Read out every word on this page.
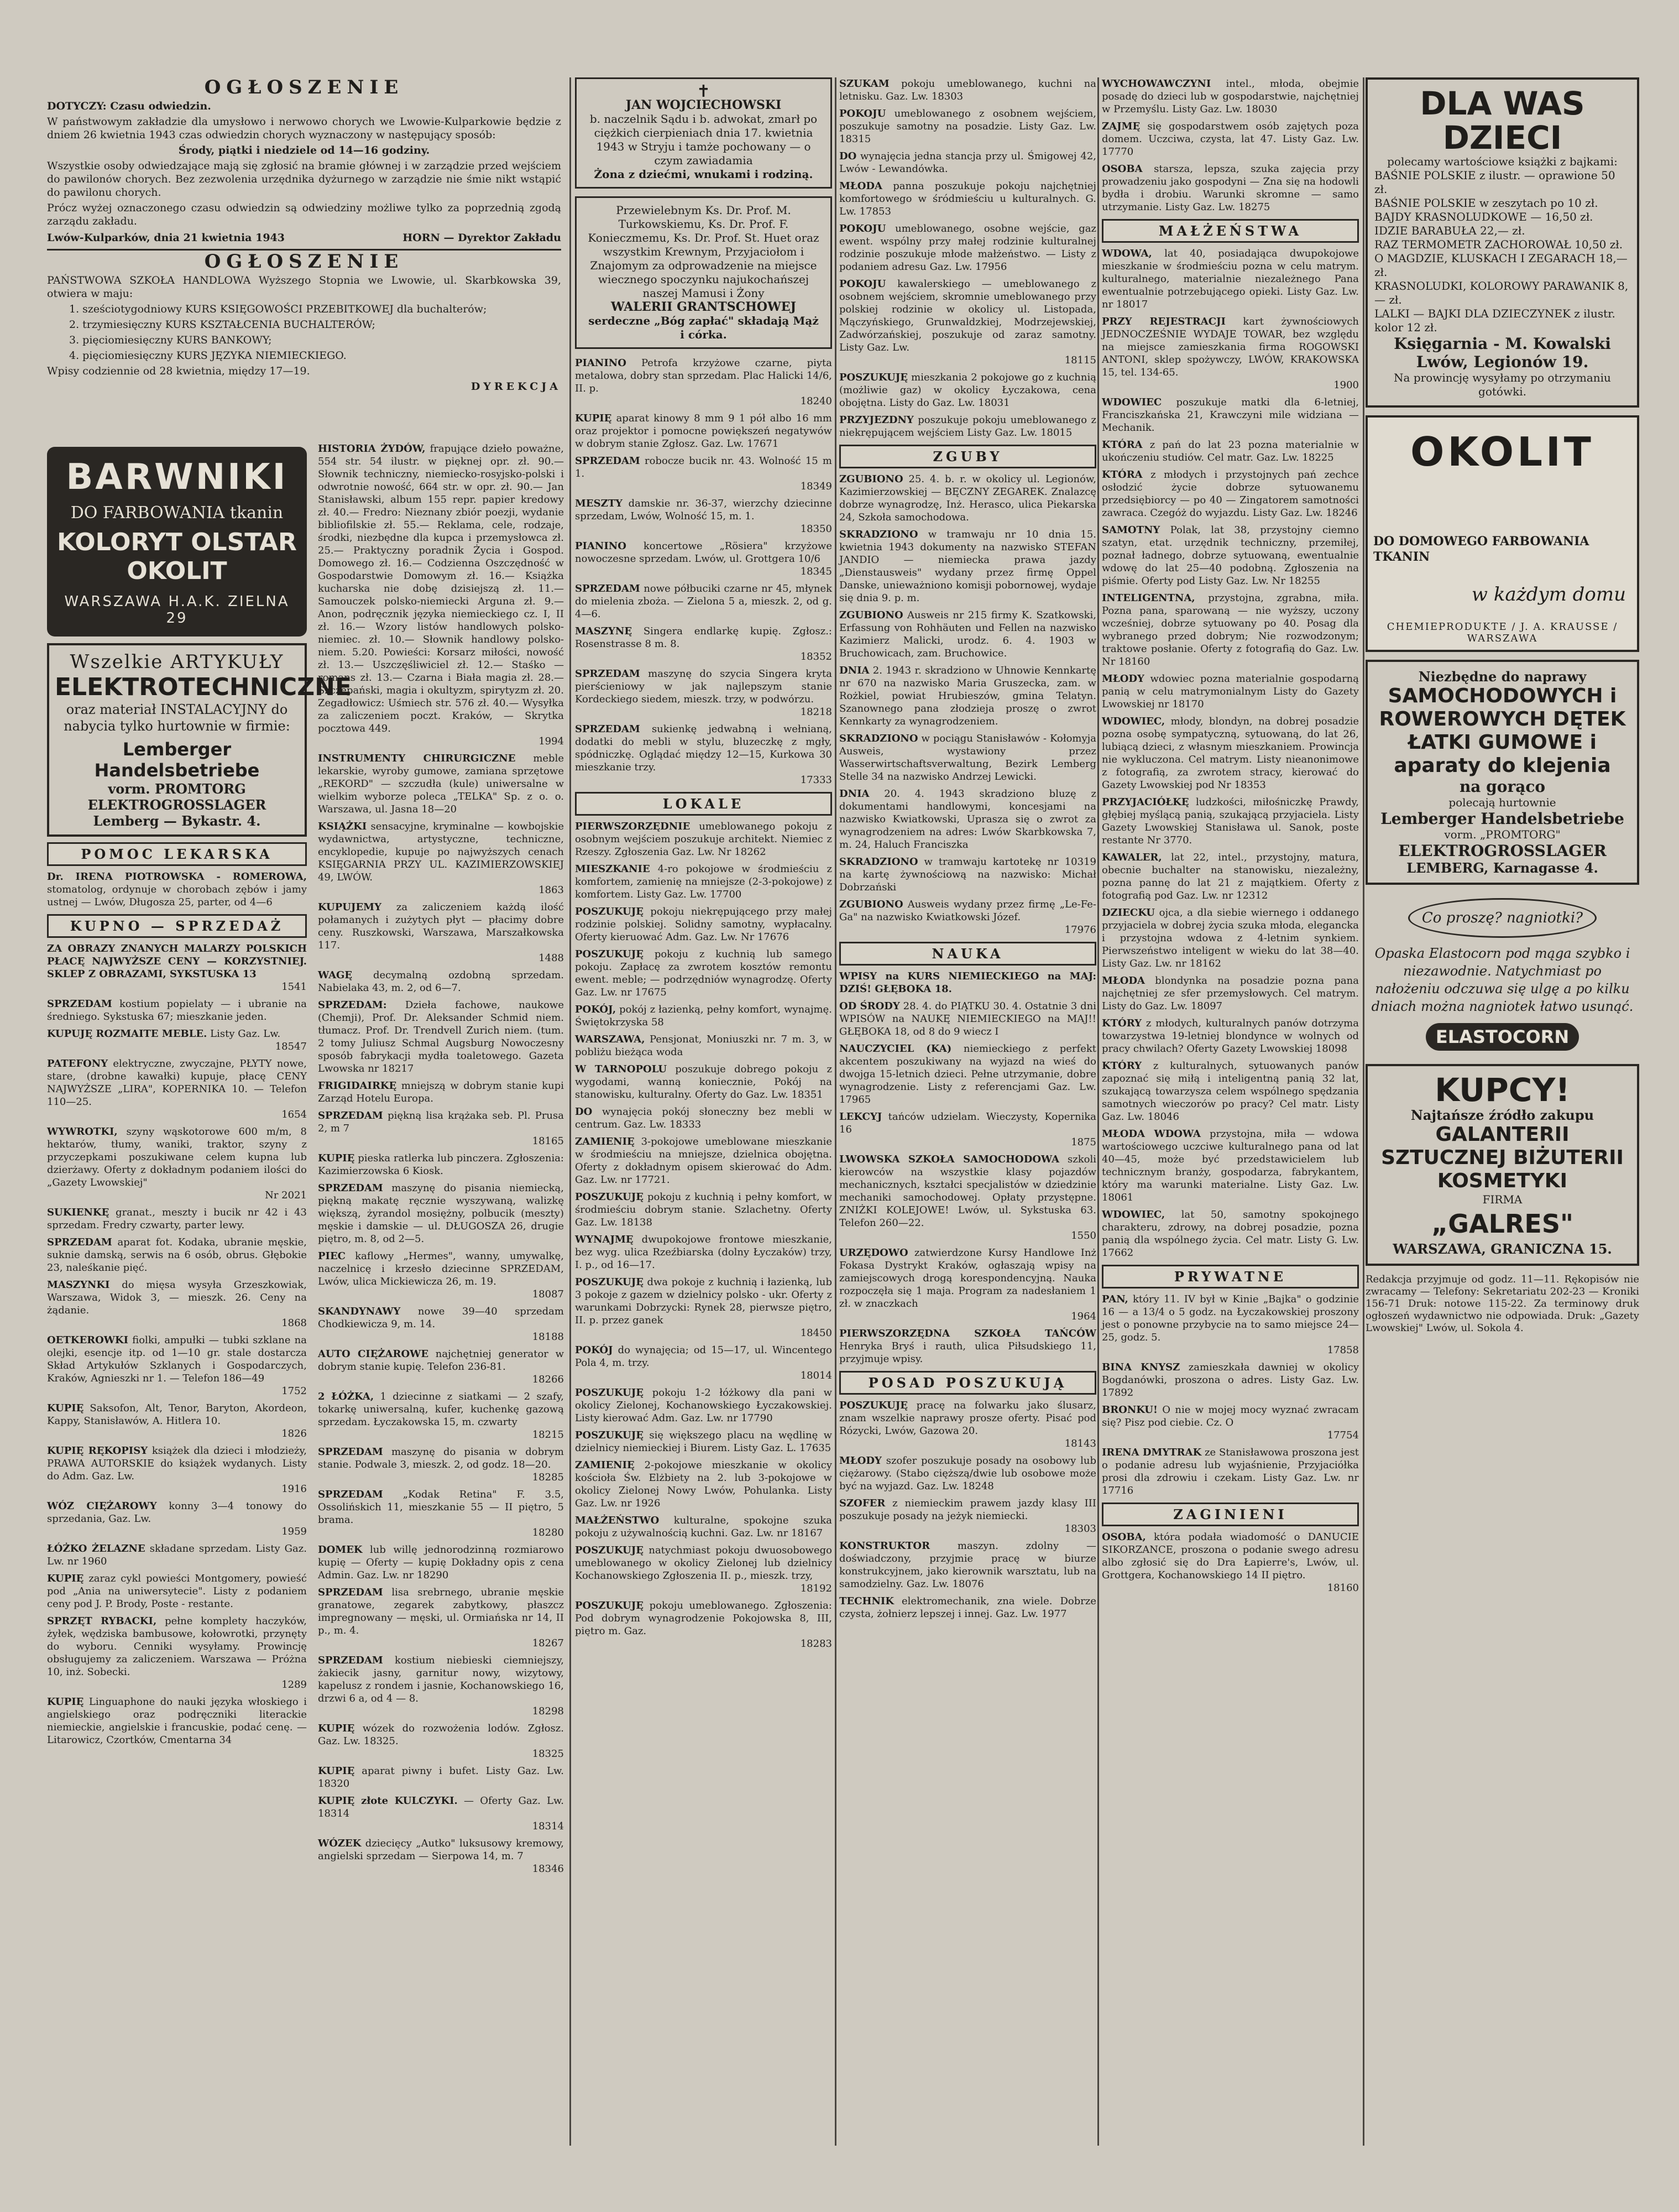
OGŁOSZENIE

DOTYCZY: Czasu odwiedzin.

W państwowym zakładzie dla umysłowo i nerwowo chorych we Lwowie-Kulparkowie będzie z dniem 26 kwietnia 1943 czas odwiedzin chorych wyznaczony w następujący sposób:

Środy, piątki i niedziele od 14—16 godziny.

Wszystkie osoby odwiedzające mają się zgłosić na bramie głównej i w zarządzie przed wejściem do pawilonów chorych. Bez zezwolenia urzędnika dyżurnego w zarządzie nie śmie nikt wstąpić do pawilonu chorych.

Prócz wyżej oznaczonego czasu odwiedzin są odwiedziny możliwe tylko za poprzednią zgodą zarządu zakładu.

Lwów-Kulparków, dnia 21 kwietnia 1943	HORN — Dyrektor Zakładu
OGŁOSZENIE

PAŃSTWOWA SZKOŁA HANDLOWA Wyższego Stopnia we Lwowie, ul. Skarbkowska 39, otwiera w maju:

1. sześciotygodniowy KURS KSIĘGOWOŚCI PRZEBITKOWEJ dla buchalterów;

2. trzymiesięczny KURS KSZTAŁCENIA BUCHALTERÓW;

3. pięciomiesięczny KURS BANKOWY;

4. pięciomiesięczny KURS JĘZYKA NIEMIECKIEGO.

Wpisy codziennie od 28 kwietnia, między 17—19.

DYREKCJA
BARWNIKI
DO FARBOWANIA tkanin
KOLORYT OLSTAR OKOLIT
WARSZAWA H.A.K. ZIELNA 29
Wszelkie ARTYKUŁY
ELEKTROTECHNICZNE
oraz materiał INSTALACYJNY do nabycia tylko hurtownie w firmie:
Lemberger Handelsbetriebe
vorm. PROMTORG ELEKTROGROSSLAGER Lemberg — Bykastr. 4.
POMOC LEKARSKA

Dr. IRENA PIOTROWSKA - ROMEROWA, stomatolog, ordynuje w chorobach zębów i jamy ustnej — Lwów, Długosza 25, parter, od 4—6

KUPNO — SPRZEDAŻ

ZA OBRAZY ZNANYCH MALARZY POLSKICH PŁACĘ NAJWYŻSZE CENY — KORZYSTNIEJ. SKLEP Z OBRAZAMI, SYKSTUSKA 13
1541

SPRZEDAM kostium popielaty — i ubranie na średniego. Sykstuska 67; mieszkanie jeden.

KUPUJĘ ROZMAITE MEBLE. Listy Gaz. Lw.
18547

PATEFONY elektryczne, zwyczajne, PŁYTY nowe, stare, (drobne kawałki) kupuje, płacę CENY NAJWYŻSZE „LIRA", KOPERNIKA 10. — Telefon 110—25.
1654

WYWROTKI, szyny wąskotorowe 600 m/m, 8 hektarów, tłumy, waniki, traktor, szyny z przyczepkami poszukiwane celem kupna lub dzierżawy. Oferty z dokładnym podaniem ilości do „Gazety Lwowskiej"
Nr 2021

SUKIENKĘ granat., meszty i bucik nr 42 i 43 sprzedam. Fredry czwarty, parter lewy.

SPRZEDAM aparat fot. Kodaka, ubranie męskie, suknie damską, serwis na 6 osób, obrus. Głębokie 23, naleśkanie pięć.

MASZYNKI do mięsa wysyła Grzeszkowiak, Warszawa, Widok 3, — mieszk. 26. Ceny na żądanie.
1868

OETKEROWKI fiolki, ampułki — tubki szklane na olejki, esencje itp. od 1—10 gr. stale dostarcza Skład Artykułów Szklanych i Gospodarczych, Kraków, Agnieszki nr 1. — Telefon 186—49
1752

KUPIĘ Saksofon, Alt, Tenor, Baryton, Akordeon, Kappy, Stanisławów, A. Hitlera 10.
1826

KUPIĘ RĘKOPISY książek dla dzieci i młodzieży, PRAWA AUTORSKIE do książek wydanych. Listy do Adm. Gaz. Lw.
1916

WÓZ CIĘŻAROWY konny 3—4 tonowy do sprzedania, Gaz. Lw.
1959

ŁÓŻKO ŻELAZNE składane sprzedam. Listy Gaz. Lw. nr 1960

KUPIĘ zaraz cykl powieści Montgomery, powieść pod „Ania na uniwersytecie". Listy z podaniem ceny pod J. P. Brody, Poste - restante.

SPRZĘT RYBACKI, pełne komplety haczyków, żyłek, wędziska bambusowe, kołowrotki, przynęty do wyboru. Cenniki wysyłamy. Prowincję obsługujemy za zaliczeniem. Warszawa — Próżna 10, inż. Sobecki.
1289

KUPIĘ Linguaphone do nauki języka włoskiego i angielskiego oraz podręczniki literackie niemieckie, angielskie i francuskie, podać cenę. — Litarowicz, Czortków, Cmentarna 34

HISTORIA ŻYDÓW, frapujące dzieło poważne, 554 str. 54 ilustr. w pięknej opr. zł. 90.— Słownik techniczny, niemiecko-rosyjsko-polski i odwrotnie nowość, 664 str. w opr. zł. 90.— Jan Stanisławski, album 155 repr. papier kredowy zł. 40.— Fredro: Nieznany zbiór poezji, wydanie bibliofilskie zł. 55.— Reklama, cele, rodzaje, środki, niezbędne dla kupca i przemysłowca zł. 25.— Praktyczny poradnik Życia i Gospod. Domowego zł. 16.— Codzienna Oszczędność w Gospodarstwie Domowym zł. 16.— Książka kucharska nie dobę dzisiejszą zł. 11.— Samouczek polsko-niemiecki Arguna zł. 9.— Anon, podręcznik języka niemieckiego cz. I, II zł. 16.— Wzory listów handlowych polsko-niemiec. zł. 10.— Słownik handlowy polsko-niem. 5.20. Powieści: Korsarz miłości, nowość zł. 13.— Uszczęśliwiciel zł. 12.— Staśko — romans zł. 13.— Czarna i Biała magia zł. 28.— Szczepański, magia i okultyzm, spirytyzm zł. 20. Zegadłowicz: Uśmiech str. 576 zł. 40.— Wysyłka za zaliczeniem poczt. Kraków, — Skrytka pocztowa 449.
1994

INSTRUMENTY CHIRURGICZNE meble lekarskie, wyroby gumowe, zamiana sprzętowe „REKORD" — szczudła (kule) uniwersalne w wielkim wyborze poleca „TELKA" Sp. z o. o. Warszawa, ul. Jasna 18—20

KSIĄŻKI sensacyjne, kryminalne — kowbojskie wydawnictwa, artystyczne, techniczne, encyklopedie, kupuje po najwyższych cenach KSIĘGARNIA PRZY UL. KAZIMIERZOWSKIEJ 49, LWÓW.
1863

KUPUJEMY za zaliczeniem każdą ilość połamanych i zużytych płyt — płacimy dobre ceny. Ruszkowski, Warszawa, Marszałkowska 117.
1488

WAGĘ decymalną ozdobną sprzedam. Nabielaka 43, m. 2, od 6—7.

SPRZEDAM: Dzieła fachowe, naukowe (Chemji), Prof. Dr. Aleksander Schmid niem. tłumacz. Prof. Dr. Trendvell Zurich niem. (tum. 2 tomy Juliusz Schmal Augsburg Nowoczesny sposób fabrykacji mydła toaletowego. Gazeta Lwowska nr 18217

FRIGIDAIRKĘ mniejszą w dobrym stanie kupi Zarząd Hotelu Europa.

SPRZEDAM piękną lisa krążaka seb. Pl. Prusa 2, m 7
18165

KUPIĘ pieska ratlerka lub pinczera. Zgłoszenia: Kazimierzowska 6 Kiosk.

SPRZEDAM maszynę do pisania niemiecką, piękną makatę ręcznie wyszywaną, walizkę większą, żyrandol mosiężny, polbucik (meszty) męskie i damskie — ul. DŁUGOSZA 26, drugie piętro, m. 8, od 2—5.

PIEC kaflowy „Hermes", wanny, umywalkę, naczelnicę i krzesło dziecinne SPRZEDAM, Lwów, ulica Mickiewicza 26, m. 19.
18087

SKANDYNAWY nowe 39—40 sprzedam Chodkiewicza 9, m. 14.
18188

AUTO CIĘŻAROWE najchętniej generator w dobrym stanie kupię. Telefon 236-81.
18266

2 ŁÓŻKA, 1 dziecinne z siatkami — 2 szafy, tokarkę uniwersalną, kufer, kuchenkę gazową sprzedam. Łyczakowska 15, m. czwarty
18215

SPRZEDAM maszynę do pisania w dobrym stanie. Podwale 3, mieszk. 2, od godz. 18—20.
18285

SPRZEDAM „Kodak Retina" F. 3.5, Ossolińskich 11, mieszkanie 55 — II piętro, 5 brama.
18280

DOMEK lub willę jednorodzinną rozmiarowo kupię — Oferty — kupię Dokładny opis z cena Admin. Gaz. Lw. nr 18290

SPRZEDAM lisa srebrnego, ubranie męskie granatowe, zegarek zabytkowy, płaszcz impregnowany — męski, ul. Ormiańska nr 14, II p., m. 4.
18267

SPRZEDAM kostium niebieski ciemniejszy, żakiecik jasny, garnitur nowy, wizytowy, kapelusz z rondem i jasnie, Kochanowskiego 16, drzwi 6 a, od 4 — 8.
18298

KUPIĘ wózek do rozwożenia lodów. Zgłosz. Gaz. Lw. 18325.
18325

KUPIĘ aparat piwny i bufet. Listy Gaz. Lw. 18320

KUPIĘ złote KULCZYKI. — Oferty Gaz. Lw. 18314
18314

WÓZEK dziecięcy „Autko" luksusowy kremowy, angielski sprzedam — Sierpowa 14, m. 7
18346

✝
JAN WOJCIECHOWSKI
b. naczelnik Sądu i b. adwokat, zmarł po ciężkich cierpieniach dnia 17. kwietnia 1943 w Stryju i tamże pochowany — o czym zawiadamia
Żona z dziećmi, wnukami i rodziną.
Przewielebnym Ks. Dr. Prof. M. Turkowskiemu, Ks. Dr. Prof. F. Konieczmemu, Ks. Dr. Prof. St. Huet oraz wszystkim Krewnym, Przyjaciołom i Znajomym za odprowadzenie na miejsce wiecznego spoczynku najukochańszej naszej Mamusi i Żony
WALERII GRANTSCHOWEJ
serdeczne „Bóg zapłać" składają Mąż i córka.

PIANINO Petrofa krzyżowe czarne, piyta metalowa, dobry stan sprzedam. Plac Halicki 14/6, II. p.
18240

KUPIĘ aparat kinowy 8 mm 9 1 pół albo 16 mm oraz projektor i pomocne powiększeń negatywów w dobrym stanie Zgłosz. Gaz. Lw. 17671

SPRZEDAM robocze bucik nr. 43. Wolność 15 m 1.
18349

MESZTY damskie nr. 36-37, wierzchy dziecinne sprzedam, Lwów, Wolność 15, m. 1.
18350

PIANINO koncertowe „Rösiera" krzyżowe nowoczesne sprzedam. Lwów, ul. Grottgera 10/6
18345

SPRZEDAM nowe półbuciki czarne nr 45, młynek do mielenia zboża. — Zielona 5 a, mieszk. 2, od g. 4—6.

MASZYNĘ Singera endlarkę kupię. Zgłosz.: Rosenstrasse 8 m. 8.
18352

SPRZEDAM maszynę do szycia Singera kryta pierścieniowy w jak najlepszym stanie Kordeckiego siedem, mieszk. trzy, w podwórzu.
18218

SPRZEDAM sukienkę jedwabną i wełnianą, dodatki do mebli w stylu, bluzeczkę z mgły, spódniczkę. Oglądać między 12—15, Kurkowa 30 mieszkanie trzy.
17333

LOKALE

PIERWSZORZĘDNIE umeblowanego pokoju z osobnym wejściem poszukuje architekt. Niemiec z Rzeszy. Zgłoszenia Gaz. Lw. Nr 18262

MIESZKANIE 4-ro pokojowe w środmieściu z komfortem, zamienię na mniejsze (2-3-pokojowe) z komfortem. Listy Gaz. Lw. 17700

POSZUKUJĘ pokoju niekrępującego przy małej rodzinie polskiej. Solidny samotny, wypłacalny. Oferty kieruować Adm. Gaz. Lw. Nr 17676

POSZUKUJĘ pokoju z kuchnią lub samego pokoju. Zapłacę za zwrotem kosztów remontu ewent. meble; — podrzędniów wynagrodzę. Oferty Gaz. Lw. nr 17675

POKÓJ, pokój z łazienką, pełny komfort, wynajmę. Świętokrzyska 58

WARSZAWA, Pensjonat, Moniuszki nr. 7 m. 3, w pobliżu bieżąca woda

W TARNOPOLU poszukuje dobrego pokoju z wygodami, wanną koniecznie, Pokój na stanowisku, kulturalny. Oferty do Gaz. Lw. 18351

DO wynajęcia pokój słoneczny bez mebli w centrum. Gaz. Lw. 18333

ZAMIENIĘ 3-pokojowe umeblowane mieszkanie w środmieściu na mniejsze, dzielnica obojętna. Oferty z dokładnym opisem skierować do Adm. Gaz. Lw. nr 17721.

POSZUKUJĘ pokoju z kuchnią i pełny komfort, w środmieściu dobrym stanie. Szlachetny. Oferty Gaz. Lw. 18138

WYNAJMĘ dwupokojowe frontowe mieszkanie, bez wyg. ulica Rzeźbiarska (dolny Łyczaków) trzy, I. p., od 16—17.

POSZUKUJĘ dwa pokoje z kuchnią i łazienką, lub 3 pokoje z gazem w dzielnicy polsko - ukr. Oferty z warunkami Dobrzycki: Rynek 28, pierwsze piętro, II. p. przez ganek
18450

POKÓJ do wynajęcia; od 15—17, ul. Wincentego Pola 4, m. trzy.
18014

POSZUKUJĘ pokoju 1-2 łóżkowy dla pani w okolicy Zielonej, Kochanowskiego Łyczakowskiej. Listy kierować Adm. Gaz. Lw. nr 17790

POSZUKUJĘ się większego placu na wędlinę w dzielnicy niemieckiej i Biurem. Listy Gaz. L. 17635

ZAMIENIĘ 2-pokojowe mieszkanie w okolicy kościoła Św. Elżbiety na 2. lub 3-pokojowe w okolicy Zielonej Nowy Lwów, Pohulanka. Listy Gaz. Lw. nr 1926

MAŁŻEŃSTWO kulturalne, spokojne szuka pokoju z używalnością kuchni. Gaz. Lw. nr 18167

POSZUKUJĘ natychmiast pokoju dwuosobowego umeblowanego w okolicy Zielonej lub dzielnicy Kochanowskiego Zgłoszenia II. p., mieszk. trzy,
18192

POSZUKUJĘ pokoju umeblowanego. Zgłoszenia: Pod dobrym wynagrodzenie Pokojowska 8, III, piętro m. Gaz.
18283

SZUKAM pokoju umeblowanego, kuchni na letnisku. Gaz. Lw. 18303

POKOJU umeblowanego z osobnem wejściem, poszukuje samotny na posadzie. Listy Gaz. Lw. 18315

DO wynajęcia jedna stancja przy ul. Śmigowej 42, Lwów - Lewandówka.

MŁODA panna poszukuje pokoju najchętniej komfortowego w śródmieściu u kulturalnych. G. Lw. 17853

POKOJU umeblowanego, osobne wejście, gaz ewent. wspólny przy małej rodzinie kulturalnej rodzinie poszukuje młode małżeństwo. — Listy z podaniem adresu Gaz. Lw. 17956

POKOJU kawalerskiego — umeblowanego z osobnem wejściem, skromnie umeblowanego przy polskiej rodzinie w okolicy ul. Listopada, Mączyńskiego, Grunwaldzkiej, Modrzejewskiej, Zadwórzańskiej, poszukuje od zaraz samotny. Listy Gaz. Lw.
18115

POSZUKUJĘ mieszkania 2 pokojowe go z kuchnią (możliwie gaz) w okolicy Łyczakowa, cena obojętna. Listy do Gaz. Lw. 18031

PRZYJEZDNY poszukuje pokoju umeblowanego z niekrępującem wejściem Listy Gaz. Lw. 18015

ZGUBY

ZGUBIONO 25. 4. b. r. w okolicy ul. Legionów, Kazimierzowskiej — BĘCZNY ZEGAREK. Znalazcę dobrze wynagrodzę, Inż. Herasco, ulica Piekarska 24, Szkoła samochodowa.

SKRADZIONO w tramwaju nr 10 dnia 15. kwietnia 1943 dokumenty na nazwisko STEFAN JANDIO — niemiecka prawa jazdy „Dienstausweis" wydany przez firmę Oppel Danske, unieważniono komisji pobornowej, wydaje się dnia 9. p. m.

ZGUBIONO Ausweis nr 215 firmy K. Szatkowski, Erfassung von Rohhäuten und Fellen na nazwisko Kazimierz Malicki, urodz. 6. 4. 1903 w Bruchowicach, zam. Bruchowice.

DNIA 2. 1943 r. skradziono w Uhnowie Kennkartę nr 670 na nazwisko Maria Gruszecka, zam. w Rożkiel, powiat Hrubieszów, gmina Telatyn. Szanownego pana złodzieja proszę o zwrot Kennkarty za wynagrodzeniem.

SKRADZIONO w pociągu Stanisławów - Kołomyja Ausweis, wystawiony przez Wasserwirtschaftsverwaltung, Bezirk Lemberg Stelle 34 na nazwisko Andrzej Lewicki.

DNIA 20. 4. 1943 skradziono bluzę z dokumentami handlowymi, koncesjami na nazwisko Kwiatkowski, Uprasza się o zwrot za wynagrodzeniem na adres: Lwów Skarbkowska 7, m. 24, Haluch Franciszka

SKRADZIONO w tramwaju kartotekę nr 10319 na kartę żywnościową na nazwisko: Michał Dobrzański

ZGUBIONO Ausweis wydany przez firmę „Le-Fe-Ga" na nazwisko Kwiatkowski Józef.
17976

NAUKA

WPISY na KURS NIEMIECKIEGO na MAJ: DZIŚ! GŁĘBOKA 18.

OD ŚRODY 28. 4. do PIĄTKU 30. 4. Ostatnie 3 dni WPISÓW na NAUKĘ NIEMIECKIEGO na MAJ!! GŁĘBOKA 18, od 8 do 9 wiecz I

NAUCZYCIEL (KA) niemieckiego z perfekt akcentem poszukiwany na wyjazd na wieś do dwojga 15-letnich dzieci. Pełne utrzymanie, dobre wynagrodzenie. Listy z referencjami Gaz. Lw. 17965

LEKCYJ tańców udzielam. Wieczysty, Kopernika 16
1875

LWOWSKA SZKOŁA SAMOCHODOWA szkoli kierowców na wszystkie klasy pojazdów mechanicznych, kształci specjalistów w dziedzinie mechaniki samochodowej. Opłaty przystępne. ZNIŻKI KOLEJOWE! Lwów, ul. Sykstuska 63. Telefon 260—22.
1550

URZĘDOWO zatwierdzone Kursy Handlowe Inż Fokasa Dystrykt Kraków, ogłaszają wpisy na zamiejscowych drogą korespondencyjną. Nauka rozpoczęła się 1 maja. Program za nadesłaniem 1 zł. w znaczkach
1964

PIERWSZORZĘDNA SZKOŁA TAŃCÓW Henryka Bryś i rauth, ulica Piłsudskiego 11, przyjmuje wpisy.

POSAD POSZUKUJĄ

POSZUKUJĘ pracę na folwarku jako ślusarz, znam wszelkie naprawy prosze oferty. Pisać pod Rózycki, Lwów, Gazowa 20.
18143

MŁODY szofer poszukuje posady na osobowy lub ciężarowy. (Stabo cięższą/dwie lub osobowe może być na wyjazd. Gaz. Lw. 18248

SZOFER z niemieckim prawem jazdy klasy III poszukuje posady na jeżyk niemiecki.
18303

KONSTRUKTOR	maszyn. zdolny — doświadczony, przyjmie pracę w biurze konstrukcyjnem, jako kierownik warsztatu, lub na samodzielny. Gaz. Lw. 18076

TECHNIK elektromechanik, zna wiele. Dobrze czysta, żołnierz lepszej i innej. Gaz. Lw. 1977

WYCHOWAWCZYNI intel., młoda, obejmie posadę do dzieci lub w gospodarstwie, najchętniej w Przemyślu. Listy Gaz. Lw. 18030

ZAJMĘ się gospodarstwem osób zajętych poza domem. Uczciwa, czysta, lat 47. Listy Gaz. Lw. 17770

OSOBA starsza, lepsza, szuka zajęcia przy prowadzeniu jako gospodyni — Zna się na hodowli bydła i drobiu. Warunki skromne — samo utrzymanie. Listy Gaz. Lw. 18275

MAŁŻEŃSTWA

WDOWA, lat 40, posiadająca dwupokojowe mieszkanie w środmieściu pozna w celu matrym. kulturalnego, materialnie niezależnego Pana ewentualnie potrzebującego opieki. Listy Gaz. Lw. nr 18017

PRZY REJESTRACJI kart żywnościowych JEDNOCZEŚNIE WYDAJE TOWAR, bez względu na miejsce zamieszkania firma ROGOWSKI ANTONI, sklep spożywczy, LWÓW, KRAKOWSKA 15, tel. 134-65.
1900

WDOWIEC poszukuje matki dla 6-letniej, Franciszkańska 21, Krawczyni mile widziana — Mechanik.

KTÓRA z pań do lat 23 pozna materialnie w ukończeniu studiów. Cel matr. Gaz. Lw. 18225

KTÓRA z młodych i przystojnych pań zechce osłodzić życie dobrze sytuowanemu przedsiębiorcy — po 40 — Zingatorem samotności zawraca. Czegóż do wyjazdu. Listy Gaz. Lw. 18246

SAMOTNY Polak, lat 38, przystojny ciemno szatyn, etat. urzędnik techniczny, przemiłej, poznał ładnego, dobrze sytuowaną, ewentualnie wdowę do lat 25—40 podobną. Zgłoszenia na piśmie. Oferty pod Listy Gaz. Lw. Nr 18255

INTELIGENTNA, przystojna, zgrabna, miła. Pozna pana, sparowaną — nie wyższy, uczony wcześniej, dobrze sytuowany po 40. Posag dla wybranego przed dobrym; Nie rozwodzonym; traktowe posłanie. Oferty z fotografią do Gaz. Lw. Nr 18160

MŁODY wdowiec pozna materialnie gospodarną panią w celu matrymonialnym Listy do Gazety Lwowskiej nr 18170

WDOWIEC, młody, blondyn, na dobrej posadzie pozna osobę sympatyczną, sytuowaną, do lat 26, lubiącą dzieci, z własnym mieszkaniem. Prowincja nie wykluczona. Cel matrym. Listy nieanonimowe z fotografią, za zwrotem stracy, kierować do Gazety Lwowskiej pod Nr 18353

PRZYJACIÓŁKĘ ludzkości, miłośniczkę Prawdy, głębiej myślącą panią, szukającą przyjaciela. Listy Gazety Lwowskiej Stanisława ul. Sanok, poste restante Nr 3770.

KAWALER, lat 22, intel., przystojny, matura, obecnie buchalter na stanowisku, niezależny, pozna pannę do lat 21 z majątkiem. Oferty z fotografią pod Gaz. Lw. nr 12312

DZIECKU ojca, a dla siebie wiernego i oddanego przyjaciela w dobrej życia szuka młoda, elegancka i przystojna wdowa z 4-letnim synkiem. Pierwszeństwo inteligent w wieku do lat 38—40. Listy Gaz. Lw. nr 18162

MŁODA blondynka na posadzie pozna pana najchętniej ze sfer przemysłowych. Cel matrym. Listy do Gaz. Lw. 18097

KTÓRY z młodych, kulturalnych panów dotrzyma towarzystwa 19-letniej blondynce w wolnych od pracy chwilach? Oferty Gazety Lwowskiej 18098

KTÓRY z kulturalnych, sytuowanych panów zapoznać się miłą i inteligentną panią 32 lat, szukającą towarzysza celem wspólnego spędzania samotnych wieczorów po pracy? Cel matr. Listy Gaz. Lw. 18046

MŁODA WDOWA przystojna, miła — wdowa wartościowego uczciwe kulturalnego pana od lat 40—45, może być przedstawicielem lub technicznym branży, gospodarza, fabrykantem, który ma warunki materialne. Listy Gaz. Lw. 18061

WDOWIEC, lat 50, samotny spokojnego charakteru, zdrowy, na dobrej posadzie, pozna panią dla wspólnego życia. Cel matr. Listy G. Lw. 17662

PRYWATNE

PAN, który 11. IV był w Kinie „Bajka" o godzinie 16 — a 13/4 o 5 godz. na Łyczakowskiej proszony jest o ponowne przybycie na to samo miejsce 24—25, godz. 5.
17858

BINA KNYSZ zamieszkała dawniej w okolicy Bogdanówki, proszona o adres. Listy Gaz. Lw. 17892

BRONKU! O nie w mojej mocy wyznać zwracam się? Pisz pod ciebie. Cz. O
17754

IRENA DMYTRAK ze Stanisławowa proszona jest o podanie adresu lub wyjaśnienie, Przyjaciółka prosi dla zdrowiu i czekam. Listy Gaz. Lw. nr 17716

ZAGINIENI

OSOBA, która podała wiadomość o DANUCIE SIKORZANCE, proszona o podanie swego adresu albo zgłosić się do Dra Łapierre's, Lwów, ul. Grottgera, Kochanowskiego 14 II piętro.
18160

DLA WAS DZIECI
polecamy wartościowe książki z bajkami:
BAŚNIE POLSKIE z ilustr. — oprawione 50 zł.
BAŚNIE POLSKIE w zeszytach po 10 zł.
BAJDY KRASNOLUDKOWE — 16,50 zł.
IDZIE BARABUŁA 22,— zł.
RAZ TERMOMETR ZACHOROWAŁ 10,50 zł.
O MAGDZIE, KLUSKACH I ZEGARACH 18,— zł.
KRASNOLUDKI, KOLOROWY PARAWANIK 8,— zł.
LALKI — BAJKI DLA DZIECZYNEK z ilustr. kolor 12 zł.
Księgarnia - M. Kowalski
Lwów, Legionów 19.
Na prowincję wysyłamy po otrzymaniu gotówki.
OKOLIT
DO DOMOWEGO FARBOWANIA TKANIN
w każdym domu
CHEMIEPRODUKTE / J. A. KRAUSSE / WARSZAWA
Niezbędne do naprawy
SAMOCHODOWYCH i ROWEROWYCH DĘTEK
ŁATKI GUMOWE i aparaty do klejenia
na gorąco
polecają hurtownie
Lemberger Handelsbetriebe
vorm. „PROMTORG"
ELEKTROGROSSLAGER
LEMBERG, Karnagasse 4.
Co proszę? nagniotki?
Opaska Elastocorn pod mąga szybko i niezawodnie. Natychmiast po nałożeniu odczuwa się ulgę a po kilku dniach można nagniotek łatwo usunąć.
ELASTOCORN
KUPCY!
Najtańsze źródło zakupu
GALANTERII SZTUCZNEJ BIŻUTERII KOSMETYKI
FIRMA
„GALRES"
WARSZAWA, GRANICZNA 15.
Redakcja przyjmuje od godz. 11—11. Rękopisów nie zwracamy — Telefony: Sekretariatu 202-23 — Kroniki 156-71 Druk: notowe 115-22. Za terminowy druk ogłoszeń wydawnictwo nie odpowiada. Druk: „Gazety Lwowskiej" Lwów, ul. Sokola 4.
